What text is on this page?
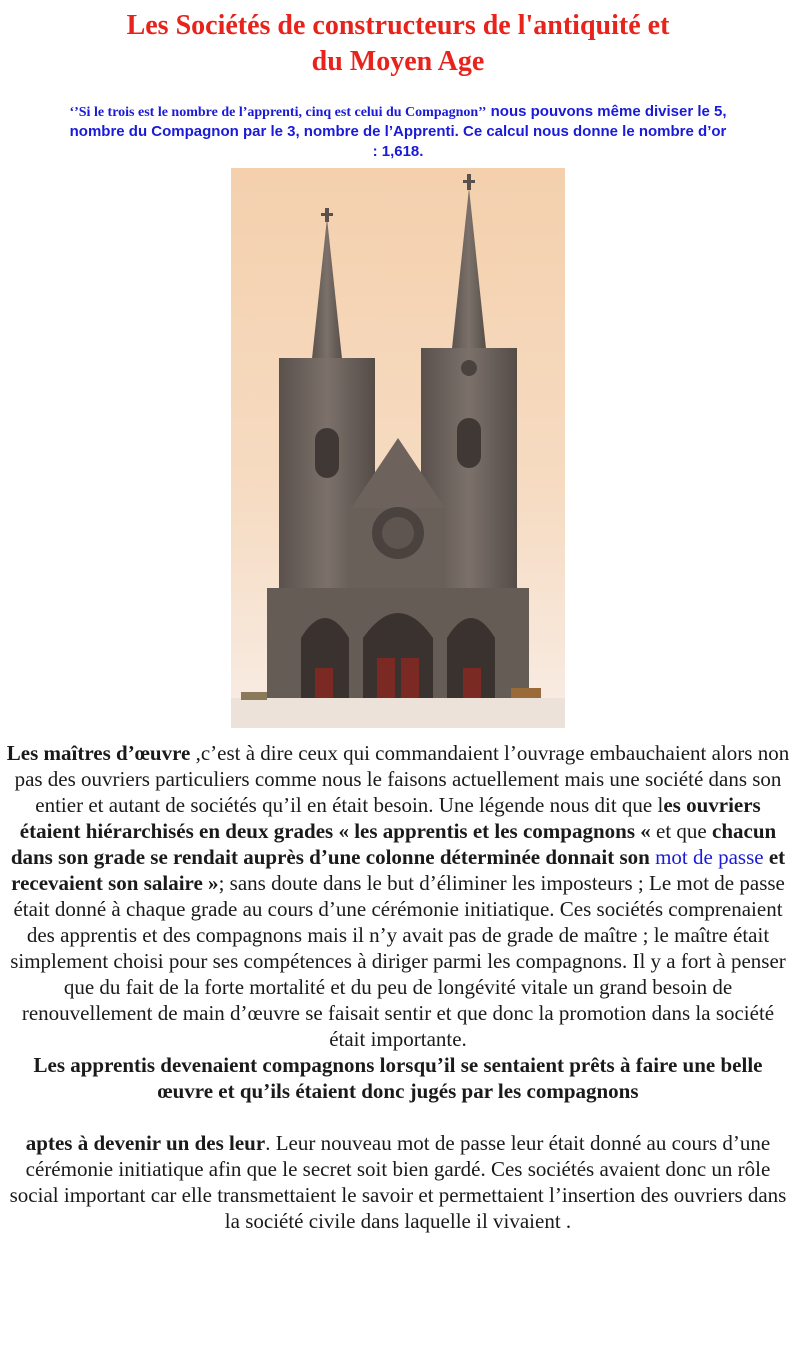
Les Sociétés de constructeurs de l'antiquité et
du Moyen Age
‘’Si le trois est le nombre de l’apprenti, cinq est celui du Compagnon’’ nous pouvons même diviser le 5, nombre du Compagnon par le 3, nombre de l’Apprenti. Ce calcul nous donne le nombre d’or : 1,618.

Les maîtres d’œuvre ,c’est à dire ceux qui commandaient l’ouvrage embauchaient alors non pas des ouvriers particuliers comme nous le faisons actuellement mais une société dans son entier et autant de sociétés qu’il en était besoin. Une légende nous dit que les ouvriers étaient hiérarchisés en deux grades « les apprentis et les compagnons « et que chacun dans son grade se rendait auprès d’une colonne déterminée donnait son mot de passe et recevaient son salaire »; sans doute dans le but d’éliminer les imposteurs ; Le mot de passe était donné à chaque grade au cours d’une cérémonie initiatique. Ces sociétés comprenaient des apprentis et des compagnons mais il n’y avait pas de grade de maître ; le maître était simplement choisi pour ses compétences à diriger parmi les compagnons. Il y a fort à penser que du fait de la forte mortalité et du peu de longévité vitale un grand besoin de renouvellement de main d’œuvre se faisait sentir et que donc la promotion dans la société était importante.
Les apprentis devenaient compagnons lorsqu’il se sentaient prêts à faire une belle œuvre et qu’ils étaient donc jugés par les compagnons

aptes à devenir un des leur. Leur nouveau mot de passe leur était donné au cours d’une cérémonie initiatique afin que le secret soit bien gardé. Ces sociétés avaient donc un rôle social important car elle transmettaient le savoir et permettaient l’insertion des ouvriers dans la société civile dans laquelle il vivaient .
